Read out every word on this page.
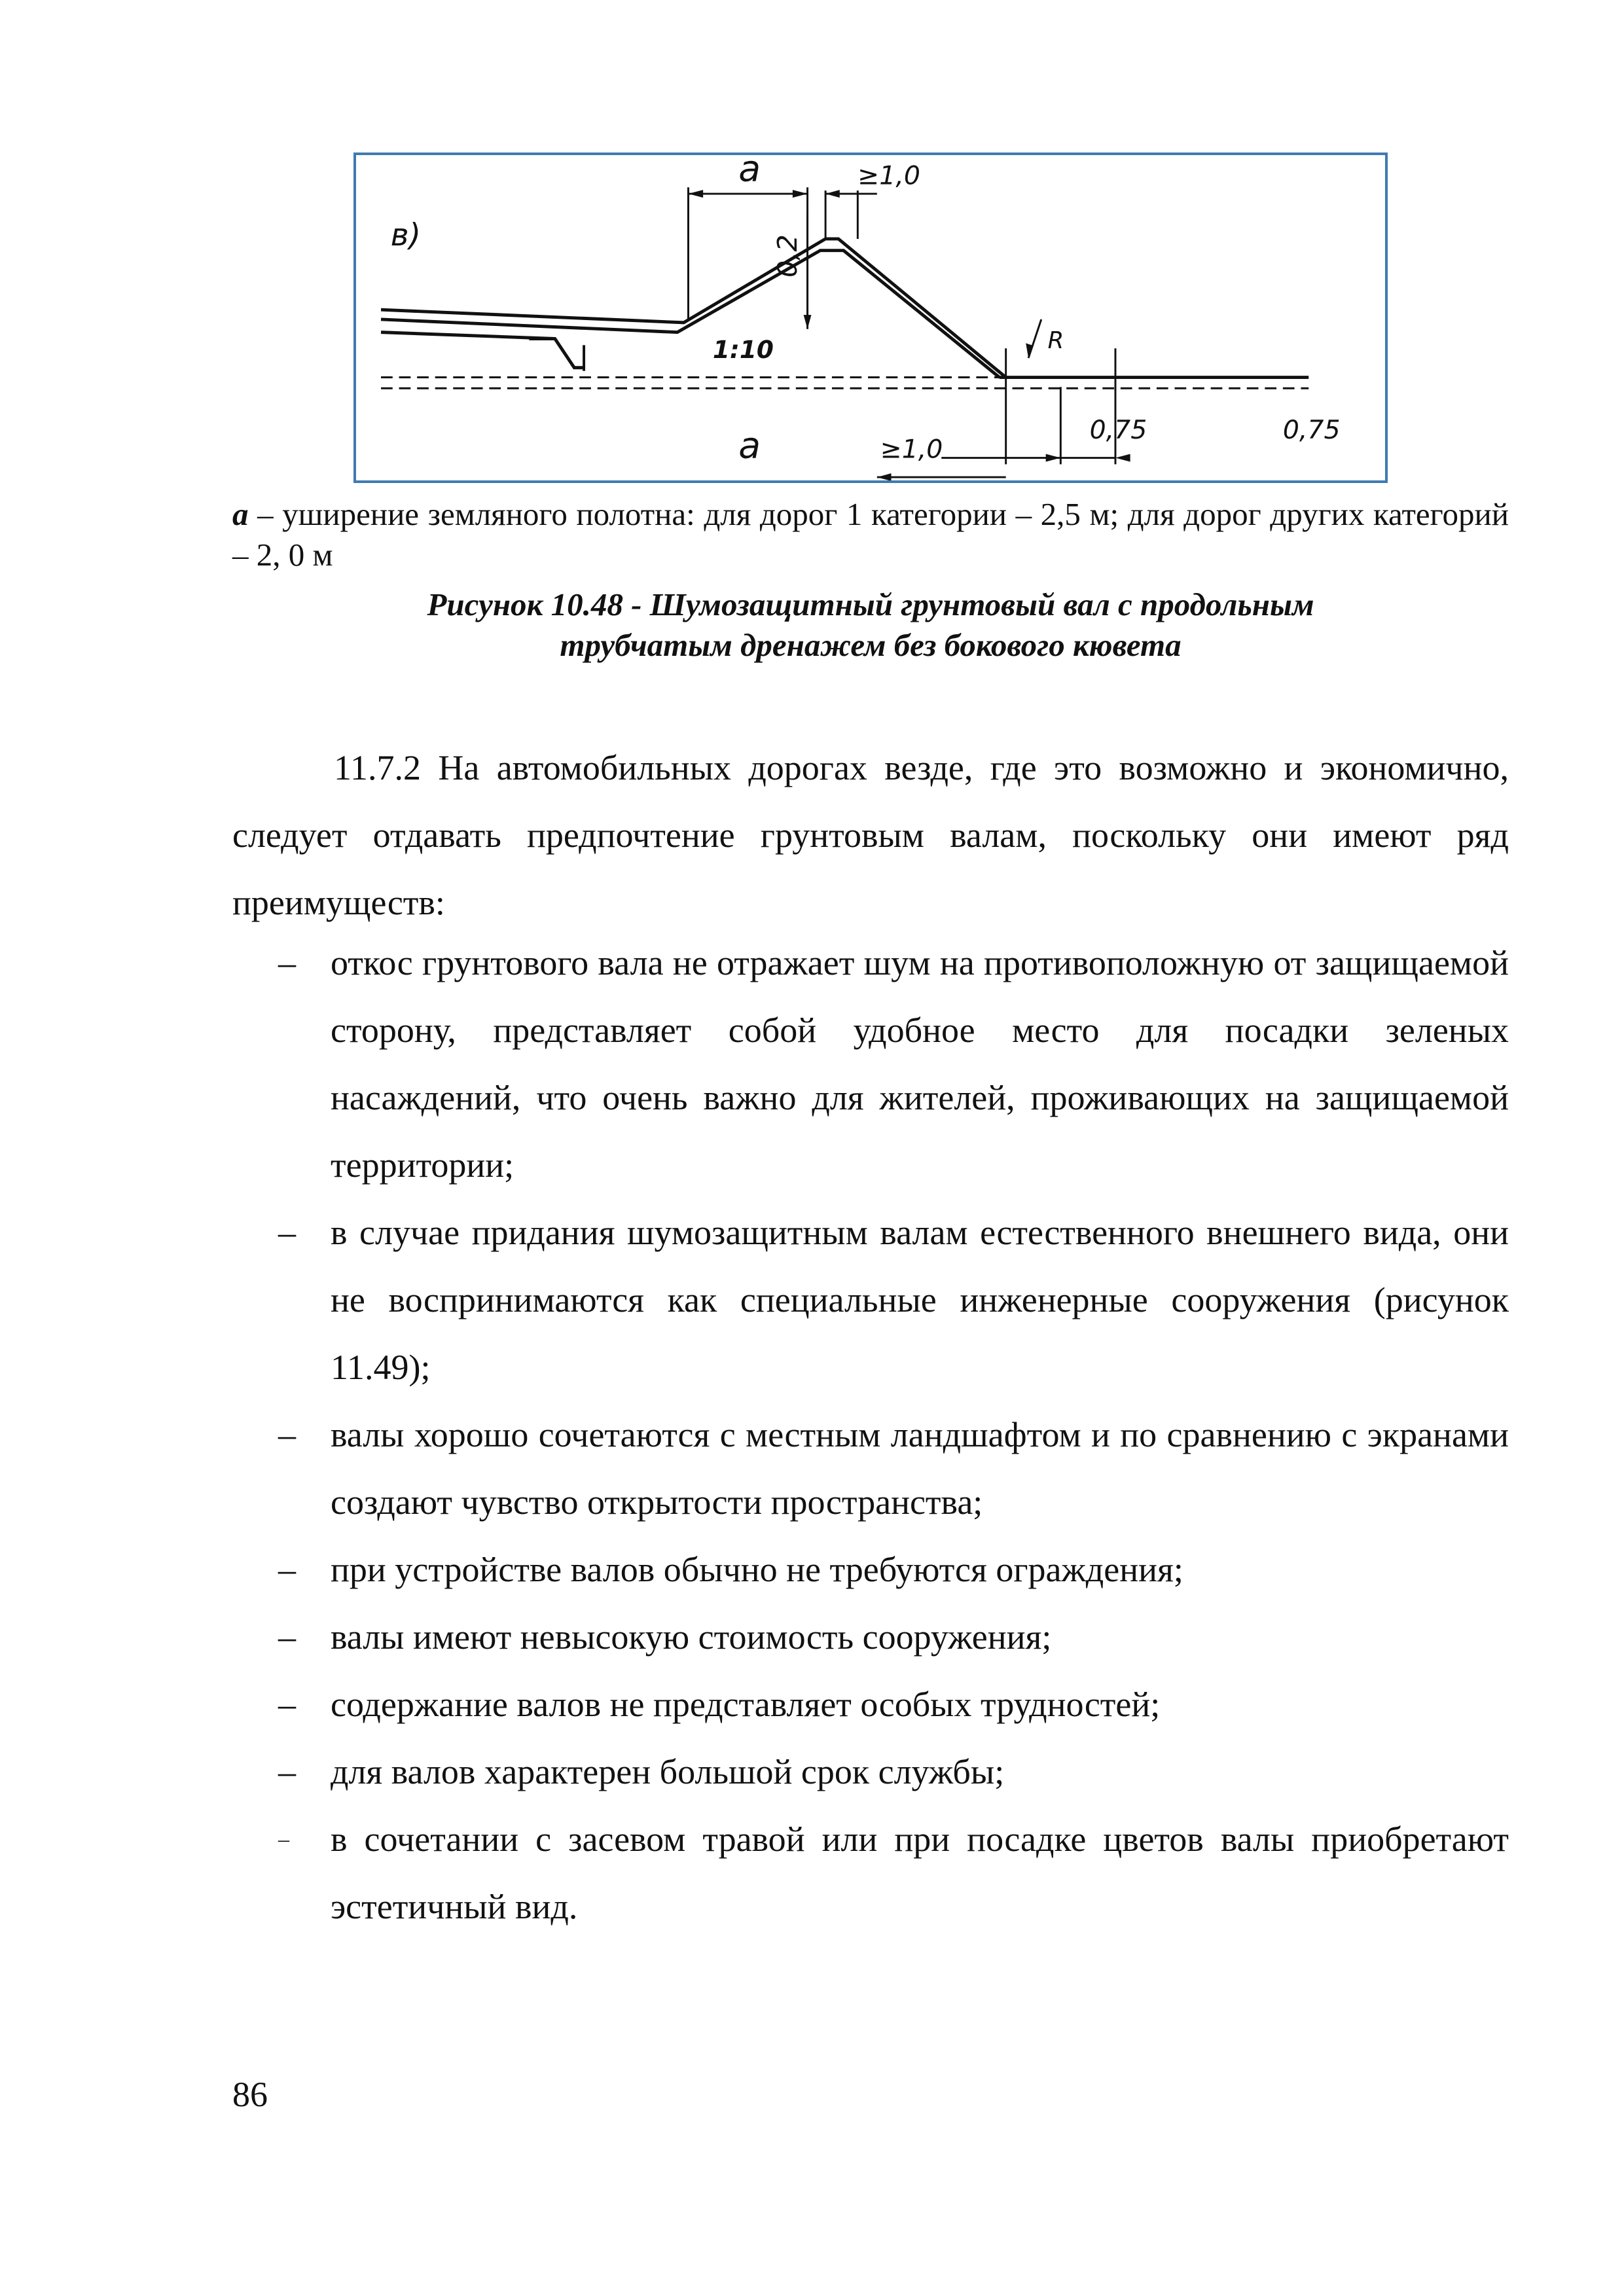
в)
a
0,2
≥1,0
1:10	R
a	≥1,0
0,75	0,75
а – уширение земляного полотна: для дорог 1 категории – 2,5 м; для дорог других категорий – 2, 0 м
Рисунок 10.48 - Шумозащитный грунтовый вал с продольным
трубчатым дренажем без бокового кювета
11.7.2 На автомобильных дорогах везде, где это возможно и экономично, следует отдавать предпочтение грунтовым валам, поскольку они имеют ряд преимуществ:
– откос грунтового вала не отражает шум на противоположную от защищаемой сторону, представляет собой удобное место для посадки зеленых насаждений, что очень важно для жителей, проживающих на защищаемой территории;
– в случае придания шумозащитным валам естественного внешнего вида, они не воспринимаются как специальные инженерные сооружения (рисунок 11.49);
– валы хорошо сочетаются с местным ландшафтом и по сравнению с экранами создают чувство открытости пространства;
– при устройстве валов обычно не требуются ограждения;
– валы имеют невысокую стоимость сооружения;
– содержание валов не представляет особых трудностей;
– для валов характерен большой срок службы;
– в сочетании с засевом травой или при посадке цветов валы приобретают эстетичный вид.
86
